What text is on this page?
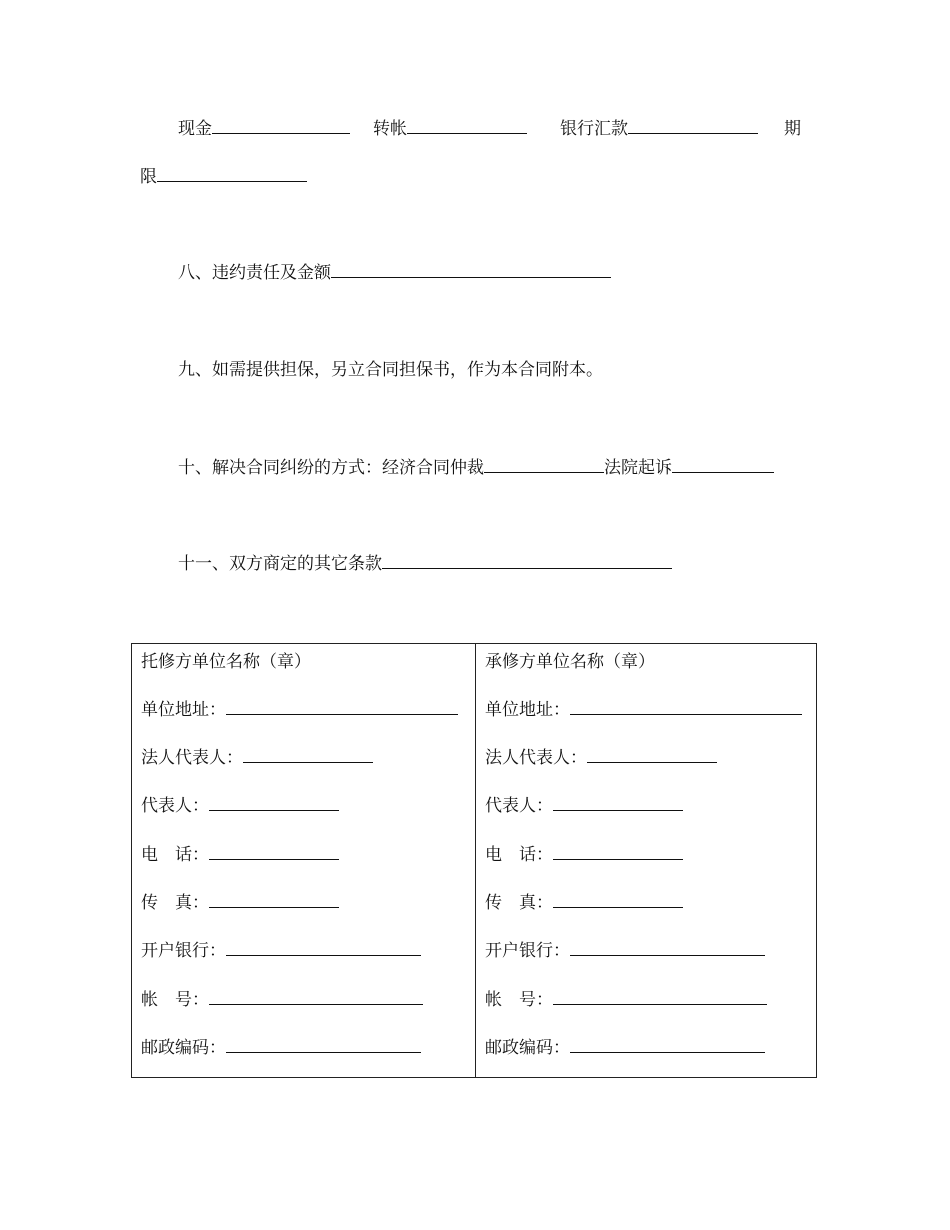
现金	转帐	银行汇款	期
限
八、违约责任及金额
九、如需提供担保，另立合同担保书，作为本合同附本。
十、解决合同纠纷的方式：经济合同仲裁	法院起诉
十一、双方商定的其它条款
托修方单位名称（章）
单位地址：
法人代表人：
代表人：
电　话：
传　真：
开户银行：
帐　号：
邮政编码：
承修方单位名称（章）
单位地址：
法人代表人：
代表人：
电　话：
传　真：
开户银行：
帐　号：
邮政编码：
